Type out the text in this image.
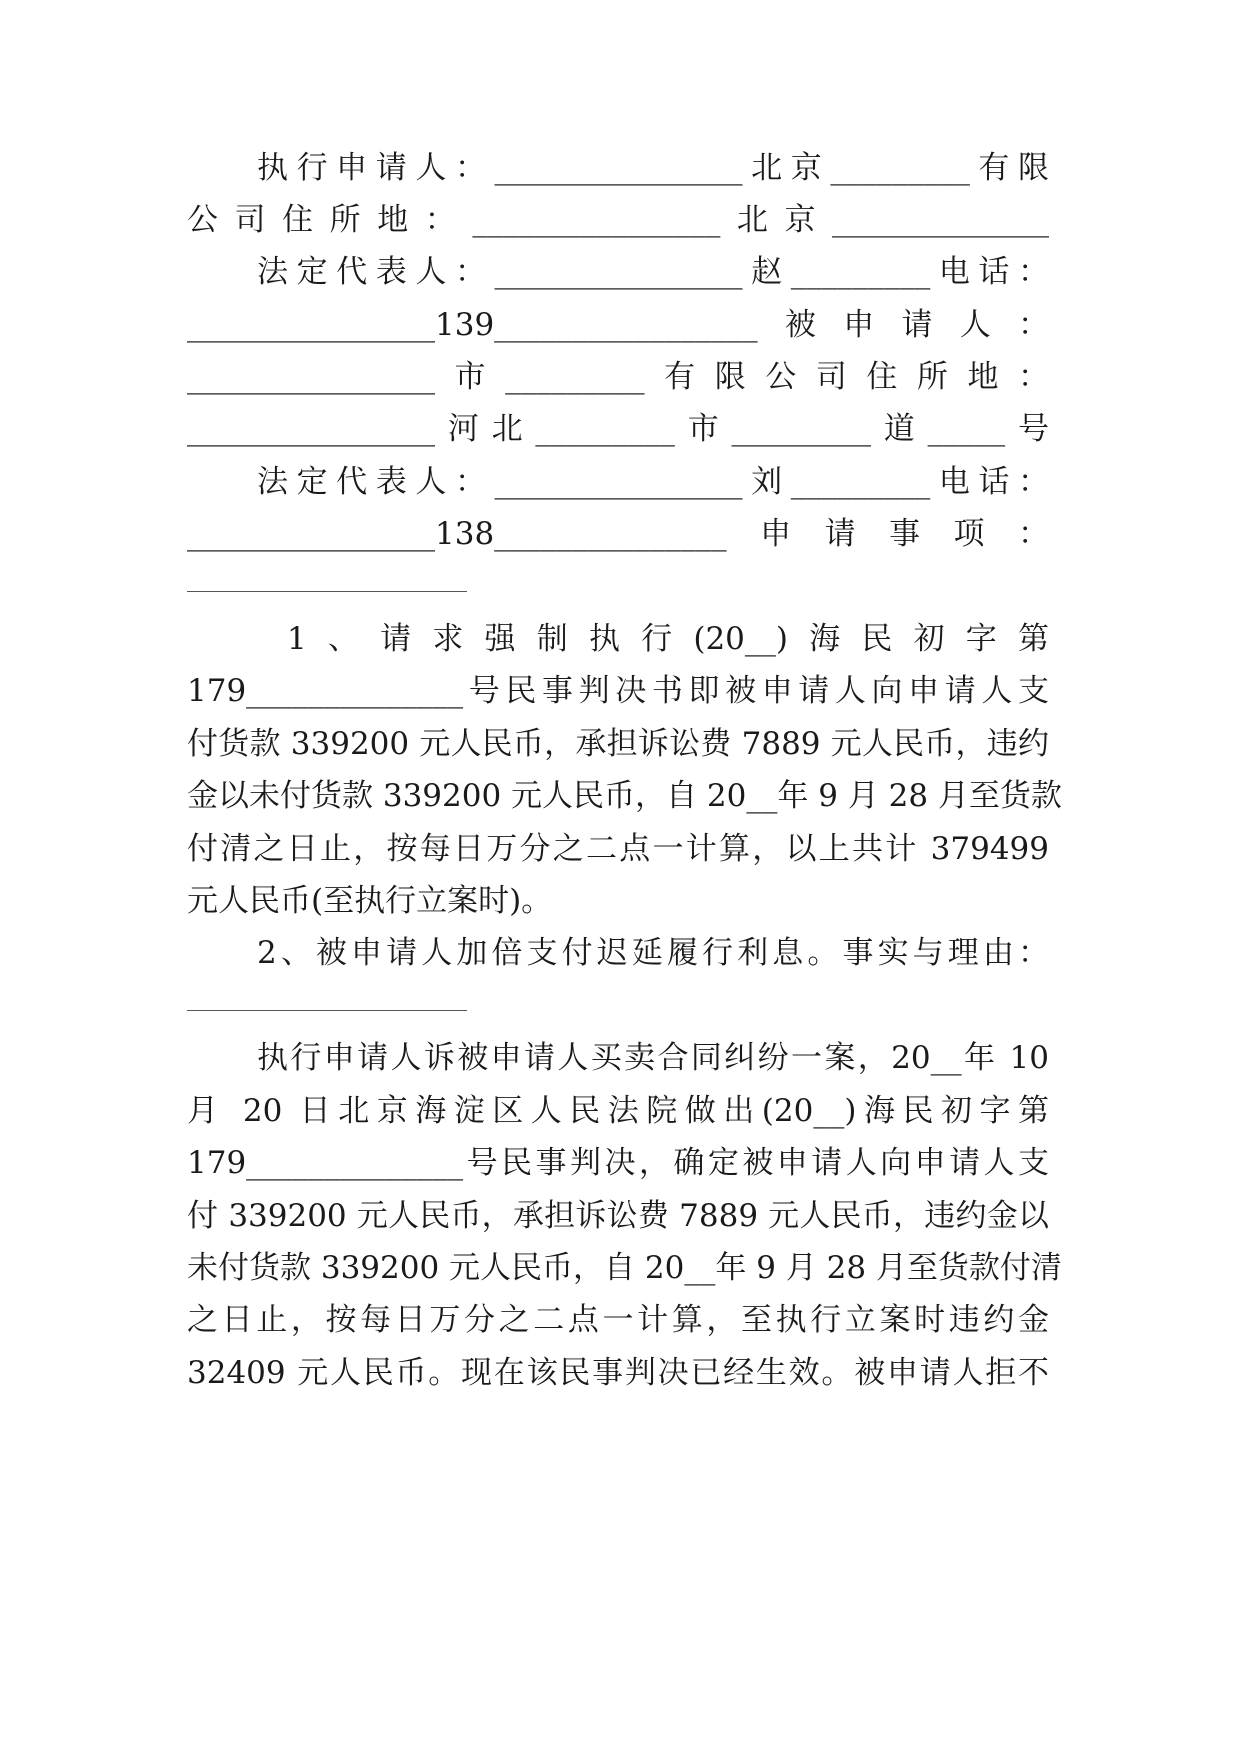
执行申请人：________________北京_________有限
公司住所地：________________北京______________
法定代表人：________________赵_________电话：
________________139_________________被申请人：
________________市_________有限公司住所地：
________________河北_________市_________道_____号
法定代表人：________________刘_________电话：
________________138_______________申请事项：
1、请求强制执行(20__)海民初字第
179______________号民事判决书即被申请人向申请人支
付货款 339200 元人民币，承担诉讼费 7889 元人民币，违约
金以未付货款 339200 元人民币，自 20__年 9 月 28 月至货款
付清之日止，按每日万分之二点一计算，以上共计 379499
元人民币(至执行立案时)。
2、被申请人加倍支付迟延履行利息。事实与理由：
执行申请人诉被申请人买卖合同纠纷一案，20__年 10
月 20 日北京海淀区人民法院做出(20__)海民初字第
179______________号民事判决，确定被申请人向申请人支
付 339200 元人民币，承担诉讼费 7889 元人民币，违约金以
未付货款 339200 元人民币，自 20__年 9 月 28 月至货款付清
之日止，按每日万分之二点一计算，至执行立案时违约金
32409 元人民币。现在该民事判决已经生效。被申请人拒不
